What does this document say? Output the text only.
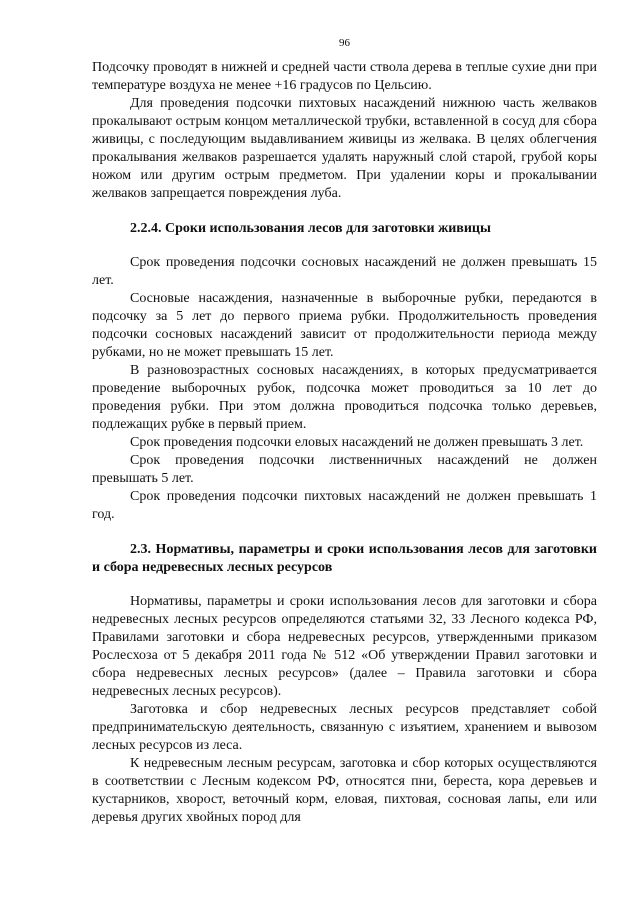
96

Подсочку проводят в нижней и средней части ствола дерева в теплые сухие дни при температуре воздуха не менее +16 градусов по Цельсию.

Для проведения подсочки пихтовых насаждений нижнюю часть желваков прокалывают острым концом металлической трубки, вставленной в сосуд для сбора живицы, с последующим выдавливанием живицы из желвака. В целях облегчения прокалывания желваков разрешается удалять наружный слой старой, грубой коры ножом или другим острым предметом. При удалении коры и прокалывании желваков запрещается повреждения луба.

2.2.4. Сроки использования лесов для заготовки живицы

Срок проведения подсочки сосновых насаждений не должен превышать 15 лет.

Сосновые насаждения, назначенные в выборочные рубки, передаются в подсочку за 5 лет до первого приема рубки. Продолжительность проведения подсочки сосновых насаждений зависит от продолжительности периода между рубками, но не может превышать 15 лет.

В разновозрастных сосновых насаждениях, в которых предусматривается проведение выборочных рубок, подсочка может проводиться за 10 лет до проведения рубки. При этом должна проводиться подсочка только деревьев, подлежащих рубке в первый прием.

Срок проведения подсочки еловых насаждений не должен превышать 3 лет.

Срок проведения подсочки лиственничных насаждений не должен превышать 5 лет.

Срок проведения подсочки пихтовых насаждений не должен превышать 1 год.

2.3. Нормативы, параметры и сроки использования лесов для заготовки и сбора недревесных лесных ресурсов

Нормативы, параметры и сроки использования лесов для заготовки и сбора недревесных лесных ресурсов определяются статьями 32, 33 Лесного кодекса РФ, Правилами заготовки и сбора недревесных ресурсов, утвержденными приказом Рослесхоза от 5 декабря 2011 года № 512 «Об утверждении Правил заготовки и сбора недревесных лесных ресурсов» (далее – Правила заготовки и сбора недревесных лесных ресурсов).

Заготовка и сбор недревесных лесных ресурсов представляет собой предпринимательскую деятельность, связанную с изъятием, хранением и вывозом лесных ресурсов из леса.

К недревесным лесным ресурсам, заготовка и сбор которых осуществляются в соответствии с Лесным кодексом РФ, относятся пни, береста, кора деревьев и кустарников, хворост, веточный корм, еловая, пихтовая, сосновая лапы, ели или деревья других хвойных пород для
